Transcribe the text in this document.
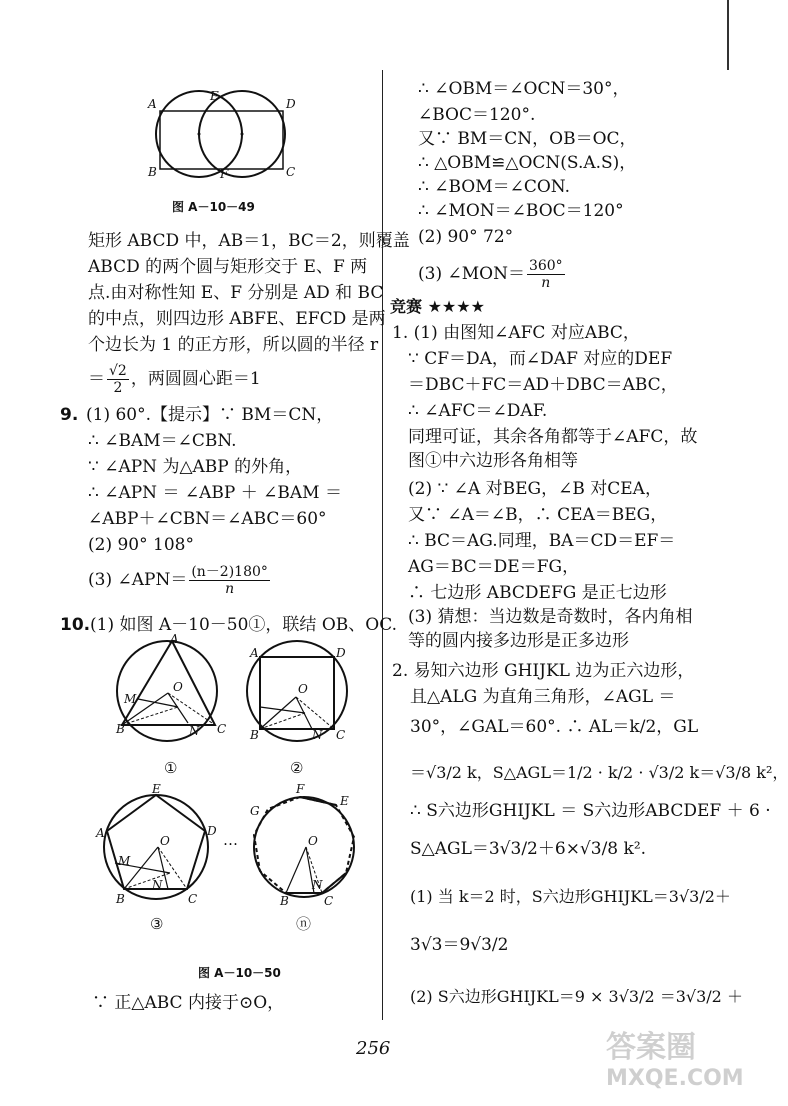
A
E
D
B	F	C
图 A－10－49
矩形 ABCD 中，AB＝1，BC＝2，则覆盖
ABCD 的两个圆与矩形交于 E、F 两
点.由对称性知 E、F 分别是 AD 和 BC
的中点，则四边形 ABFE、EFCD 是两
个边长为 1 的正方形，所以圆的半径 r
＝ $\frac{√2}{2}$ ，两圆圆心距＝1
9. (1) 60°.【提示】∵ BM＝CN，
∴ ∠BAM＝∠CBN.
∵ ∠APN 为△ABP 的外角，
∴ ∠APN ＝ ∠ABP ＋ ∠BAM ＝
∠ABP＋∠CBN＝∠ABC＝60°
(2) 90° 108°
(3) ∠APN＝ $\frac{(n-2)180^\circ}{n}$
10. (1) 如图 A－10－50①，联结 OB、OC.
A
O
M
B	N C
①
A	D
O
B	N C
②
E
A	D
O
M
B
N
C
③
…
G
F
E
O
B
N
C
ⓝ
图 A－10－50
∵ 正△ABC 内接于⊙O，
∴ ∠OBM＝∠OCN＝30°，
∠BOC＝120°.
又∵ BM＝CN，OB＝OC，
∴ △OBM≌△OCN(S.A.S)，
∴ ∠BOM＝∠CON.
∴ ∠MON＝∠BOC＝120°
(2) 90° 72°
(3) ∠MON＝ $\frac{360^\circ}{n}$
竞赛 ★★★★
1. (1) 由图知∠AFC 对应ABC，
∵ CF＝DA，而∠DAF 对应的DEF
＝DBC＋FC＝AD＋DBC＝ABC，
∴ ∠AFC＝∠DAF.
同理可证，其余各角都等于∠AFC，故
图①中六边形各角相等
(2) ∵ ∠A 对BEG，∠B 对CEA，
又∵ ∠A＝∠B，∴ CEA＝BEG，
∴ BC＝AG.同理，BA＝CD＝EF＝
AG＝BC＝DE＝FG，
∴ 七边形 ABCDEFG 是正七边形
(3) 猜想：当边数是奇数时，各内角相
等的圆内接多边形是正多边形
2. 易知六边形 GHIJKL 边为正六边形，
且△ALG 为直角三角形，∠AGL ＝
30°，∠GAL＝60°. ∴ AL＝k/2，GL
＝√3/2 k，S△AGL＝1/2 · k/2 · √3/2 k＝√3/8 k²，
∴ S六边形GHIJKL ＝ S六边形ABCDEF ＋ 6 ·
S△AGL＝3√3/2＋6×√3/8 k².
(1) 当 k＝2 时，S六边形GHIJKL＝3√3/2＋
3√3＝9√3/2
(2) S六边形GHIJKL＝9 × 3√3/2 ＝3√3/2 ＋
256	答案圈
MXQE.COM
